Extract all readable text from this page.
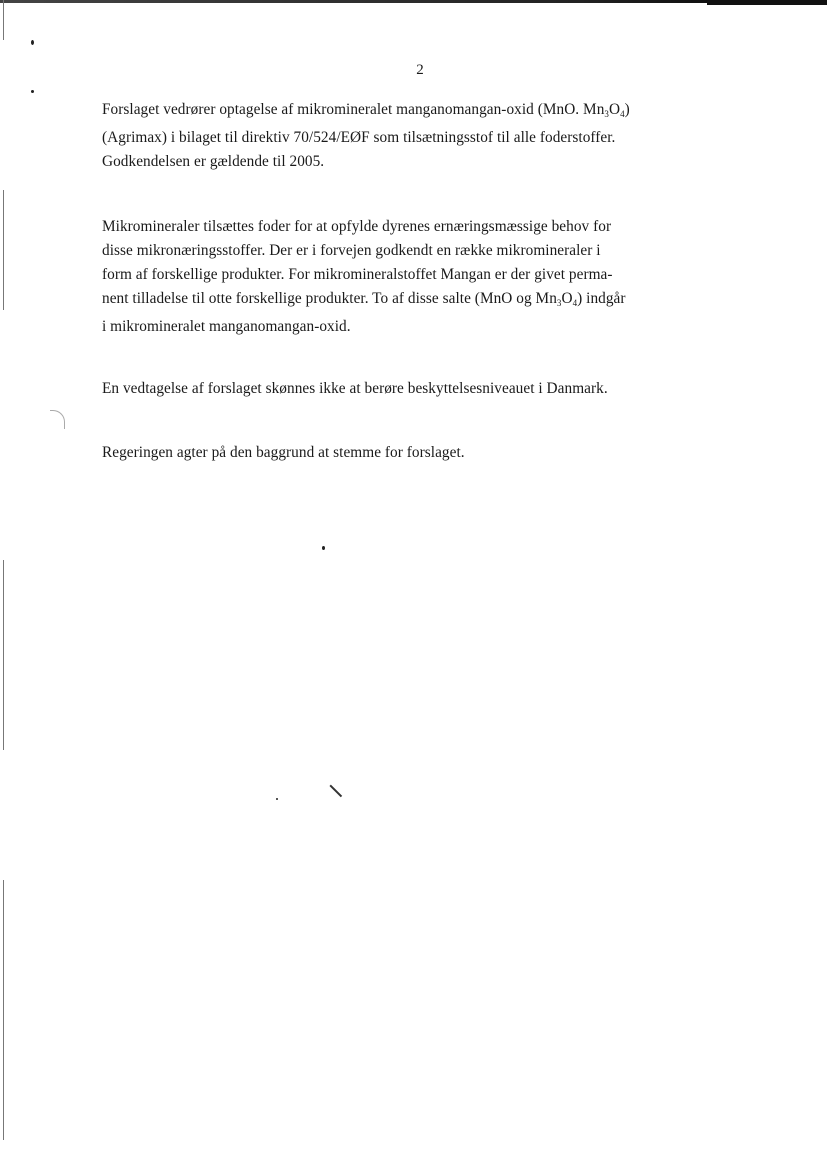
2
Forslaget vedrører optagelse af mikromineralet manganomangan-oxid (MnO. $Mn_3O_4$)
(Agrimax) i bilaget til direktiv 70/524/EØF som tilsætningsstof til alle foderstoffer.
Godkendelsen er gældende til 2005.
Mikromineraler tilsættes foder for at opfylde dyrenes ernæringsmæssige behov for
disse mikronæringsstoffer. Der er i forvejen godkendt en række mikromineraler i
form af forskellige produkter. For mikromineralstoffet Mangan er der givet perma-
nent tilladelse til otte forskellige produkter. To af disse salte (MnO og $Mn_3O_4$) indgår
i mikromineralet manganomangan-oxid.
En vedtagelse af forslaget skønnes ikke at berøre beskyttelsesniveauet i Danmark.
Regeringen agter på den baggrund at stemme for forslaget.
